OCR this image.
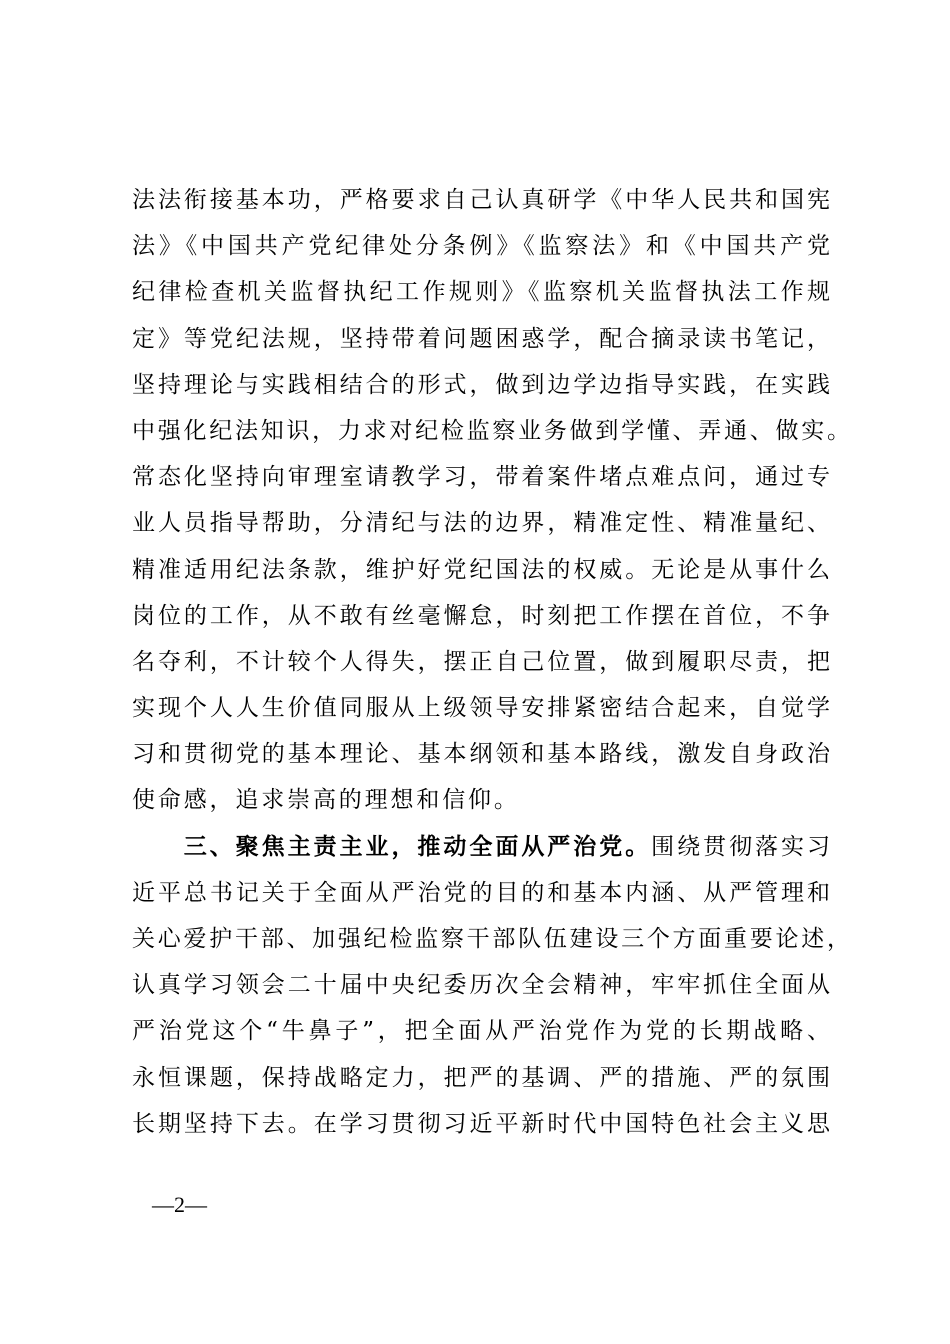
法法衔接基本功，严格要求自己认真研学《中华人民共和国宪
法》《中国共产党纪律处分条例》《监察法》和《中国共产党
纪律检查机关监督执纪工作规则》《监察机关监督执法工作规
定》等党纪法规，坚持带着问题困惑学，配合摘录读书笔记，
坚持理论与实践相结合的形式，做到边学边指导实践，在实践
中强化纪法知识，力求对纪检监察业务做到学懂、弄通、做实。
常态化坚持向审理室请教学习，带着案件堵点难点问，通过专
业人员指导帮助，分清纪与法的边界，精准定性、精准量纪、
精准适用纪法条款，维护好党纪国法的权威。无论是从事什么
岗位的工作，从不敢有丝毫懈怠，时刻把工作摆在首位，不争
名夺利，不计较个人得失，摆正自己位置，做到履职尽责，把
实现个人人生价值同服从上级领导安排紧密结合起来，自觉学
习和贯彻党的基本理论、基本纲领和基本路线，激发自身政治
使命感，追求崇高的理想和信仰。
三、聚焦主责主业，推动全面从严治党。围绕贯彻落实习
近平总书记关于全面从严治党的目的和基本内涵、从严管理和
关心爱护干部、加强纪检监察干部队伍建设三个方面重要论述，
认真学习领会二十届中央纪委历次全会精神，牢牢抓住全面从
严治党这个“牛鼻子”，把全面从严治党作为党的长期战略、
永恒课题，保持战略定力，把严的基调、严的措施、严的氛围
长期坚持下去。在学习贯彻习近平新时代中国特色社会主义思
—2—
